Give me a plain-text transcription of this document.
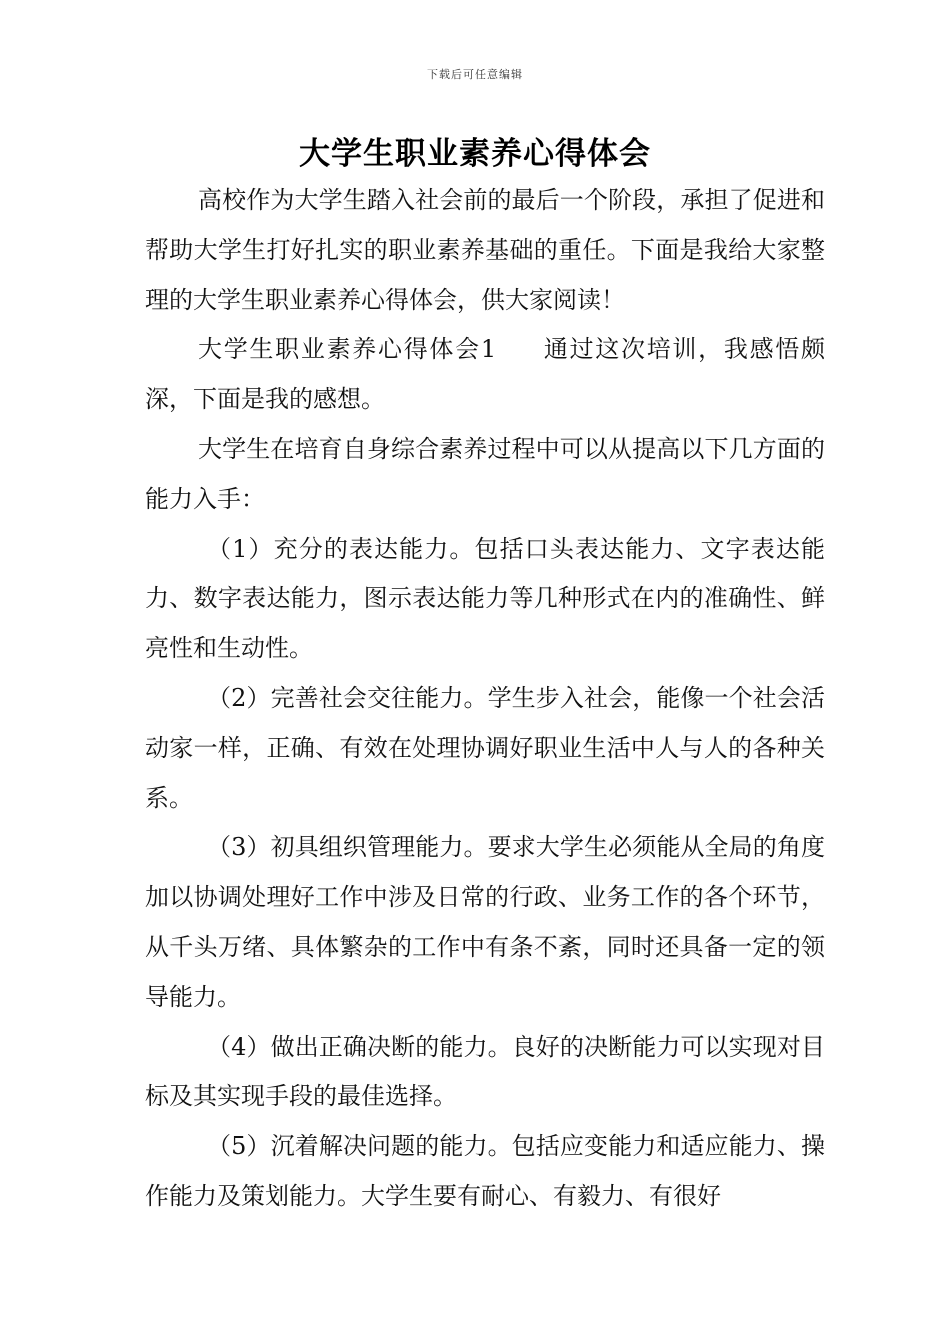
下载后可任意编辑
大学生职业素养心得体会

高校作为大学生踏入社会前的最后一个阶段，承担了促进和帮助大学生打好扎实的职业素养基础的重任。下面是我给大家整理的大学生职业素养心得体会，供大家阅读！

大学生职业素养心得体会1 通过这次培训，我感悟颇深，下面是我的感想。

大学生在培育自身综合素养过程中可以从提高以下几方面的能力入手：

（1）充分的表达能力。包括口头表达能力、文字表达能力、数字表达能力，图示表达能力等几种形式在内的准确性、鲜亮性和生动性。

（2）完善社会交往能力。学生步入社会，能像一个社会活动家一样，正确、有效在处理协调好职业生活中人与人的各种关系。

（3）初具组织管理能力。要求大学生必须能从全局的角度加以协调处理好工作中涉及日常的行政、业务工作的各个环节，从千头万绪、具体繁杂的工作中有条不紊，同时还具备一定的领导能力。

（4）做出正确决断的能力。良好的决断能力可以实现对目标及其实现手段的最佳选择。

（5）沉着解决问题的能力。包括应变能力和适应能力、操作能力及策划能力。大学生要有耐心、有毅力、有很好
